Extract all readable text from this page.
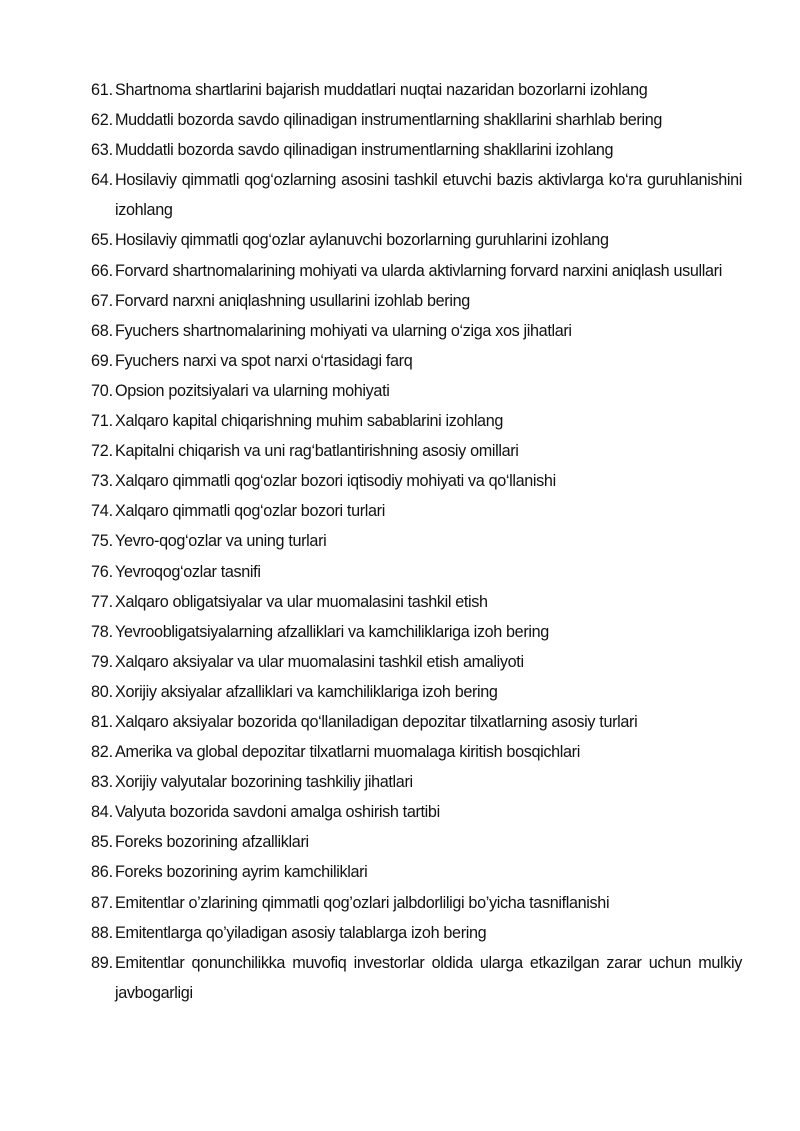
61. Shartnoma shartlarini bajarish muddatlari nuqtai nazaridan bozorlarni izohlang
62. Muddatli bozorda savdo qilinadigan instrumentlarning shakllarini sharhlab bering
63. Muddatli bozorda savdo qilinadigan instrumentlarning shakllarini izohlang
64. Hosilaviy qimmatli qog‘ozlarning asosini tashkil etuvchi bazis aktivlarga ko‘ra guruhlanishini izohlang
65. Hosilaviy qimmatli qog‘ozlar aylanuvchi bozorlarning guruhlarini izohlang
66. Forvard shartnomalarining mohiyati va ularda aktivlarning forvard narxini aniqlash usullari
67. Forvard narxni aniqlashning usullarini izohlab bering
68. Fyuchers shartnomalarining mohiyati va ularning o‘ziga xos jihatlari
69. Fyuchers narxi va spot narxi o‘rtasidagi farq
70. Opsion pozitsiyalari va ularning mohiyati
71. Xalqaro kapital chiqarishning muhim sabablarini izohlang
72. Kapitalni chiqarish va uni rag‘batlantirishning asosiy omillari
73. Xalqaro qimmatli qog‘ozlar bozori iqtisodiy mohiyati va qo‘llanishi
74. Xalqaro qimmatli qog‘ozlar bozori turlari
75. Yevro-qog‘ozlar va uning turlari
76. Yevroqog‘ozlar tasnifi
77. Xalqaro obligatsiyalar va ular muomalasini tashkil etish
78. Yevroobligatsiyalarning afzalliklari va kamchiliklariga izoh bering
79. Xalqaro aksiyalar va ular muomalasini tashkil etish amaliyoti
80. Xorijiy aksiyalar afzalliklari va kamchiliklariga izoh bering
81. Xalqaro aksiyalar bozorida qo‘llaniladigan depozitar tilxatlarning asosiy turlari
82. Amerika va global depozitar tilxatlarni muomalaga kiritish bosqichlari
83. Xorijiy valyutalar bozorining tashkiliy jihatlari
84. Valyuta bozorida savdoni amalga oshirish tartibi
85. Foreks bozorining afzalliklari
86. Foreks bozorining ayrim kamchiliklari
87. Emitentlar o’zlarining qimmatli qog’ozlari jalbdorliligi bo’yicha tasniflanishi
88. Emitentlarga qo’yiladigan asosiy talablarga izoh bering
89. Emitentlar qonunchilikka muvofiq investorlar oldida ularga etkazilgan zarar uchun mulkiy javbogarligi
